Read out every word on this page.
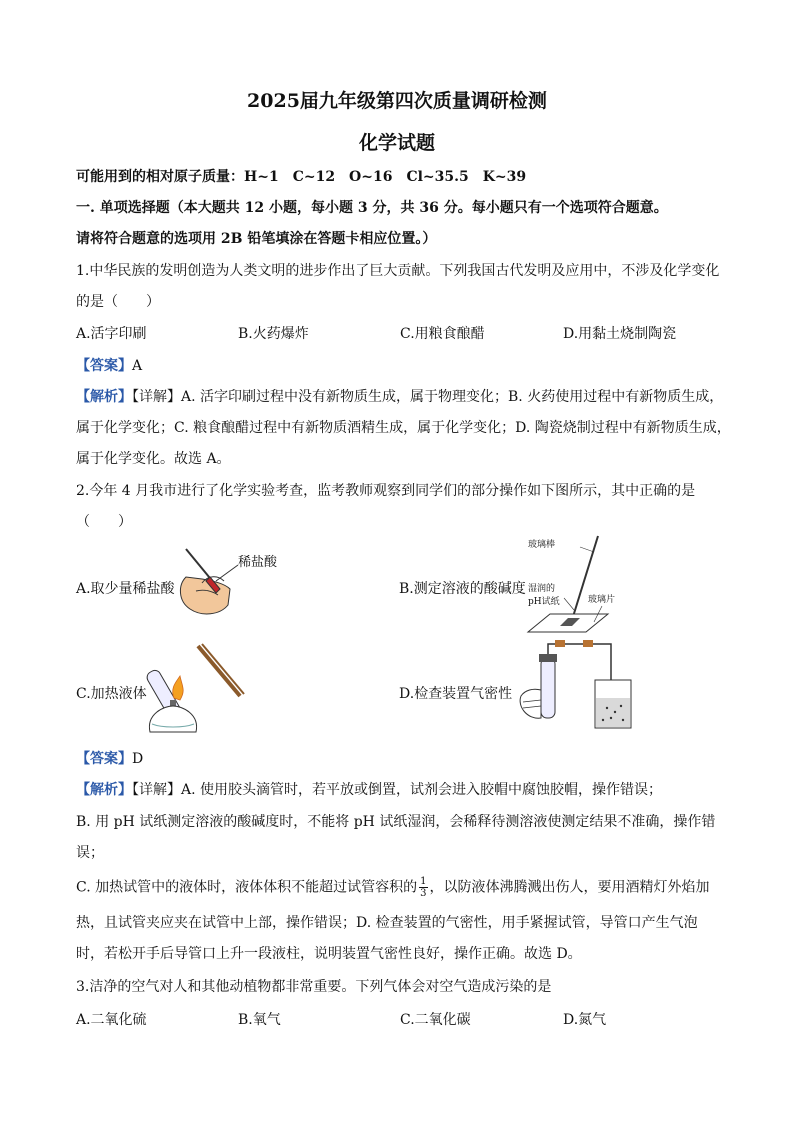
2025届九年级第四次质量调研检测
化学试题
可能用到的相对原子质量：H~1　C~12　O~16　Cl~35.5　K~39
一. 单项选择题（本大题共 12 小题，每小题 3 分，共 36 分。每小题只有一个选项符合题意。
请将符合题意的选项用 2B 铅笔填涂在答题卡相应位置。）
1.中华民族的发明创造为人类文明的进步作出了巨大贡献。下列我国古代发明及应用中，不涉及化学变化
的是（　　）
A.活字印刷	B.火药爆炸	C.用粮食酿醋	D.用黏土烧制陶瓷
【答案】A
【解析】【详解】A. 活字印刷过程中没有新物质生成，属于物理变化；B. 火药使用过程中有新物质生成，
属于化学变化；C. 粮食酿醋过程中有新物质酒精生成，属于化学变化；D. 陶瓷烧制过程中有新物质生成，
属于化学变化。故选 A。
2.今年 4 月我市进行了化学实验考查，监考教师观察到同学们的部分操作如下图所示，其中正确的是
（　　）
A.取少量稀盐酸	B.测定溶液的酸碱度
C.加热液体	D.检查装置气密性
稀盐酸
玻璃棒
湿润的
pH试纸	玻璃片
【答案】D
【解析】【详解】A. 使用胶头滴管时，若平放或倒置，试剂会进入胶帽中腐蚀胶帽，操作错误；
B. 用 pH 试纸测定溶液的酸碱度时，不能将 pH 试纸湿润，会稀释待测溶液使测定结果不准确，操作错
误；
C. 加热试管中的液体时，液体体积不能超过试管容积的 $\frac{1}{3}$ ，以防液体沸腾溅出伤人，要用酒精灯外焰加
热，且试管夹应夹在试管中上部，操作错误；D. 检查装置的气密性，用手紧握试管，导管口产生气泡
时，若松开手后导管口上升一段液柱，说明装置气密性良好，操作正确。故选 D。
3.洁净的空气对人和其他动植物都非常重要。下列气体会对空气造成污染的是
A.二氧化硫	B.氧气	C.二氧化碳	D.氮气
